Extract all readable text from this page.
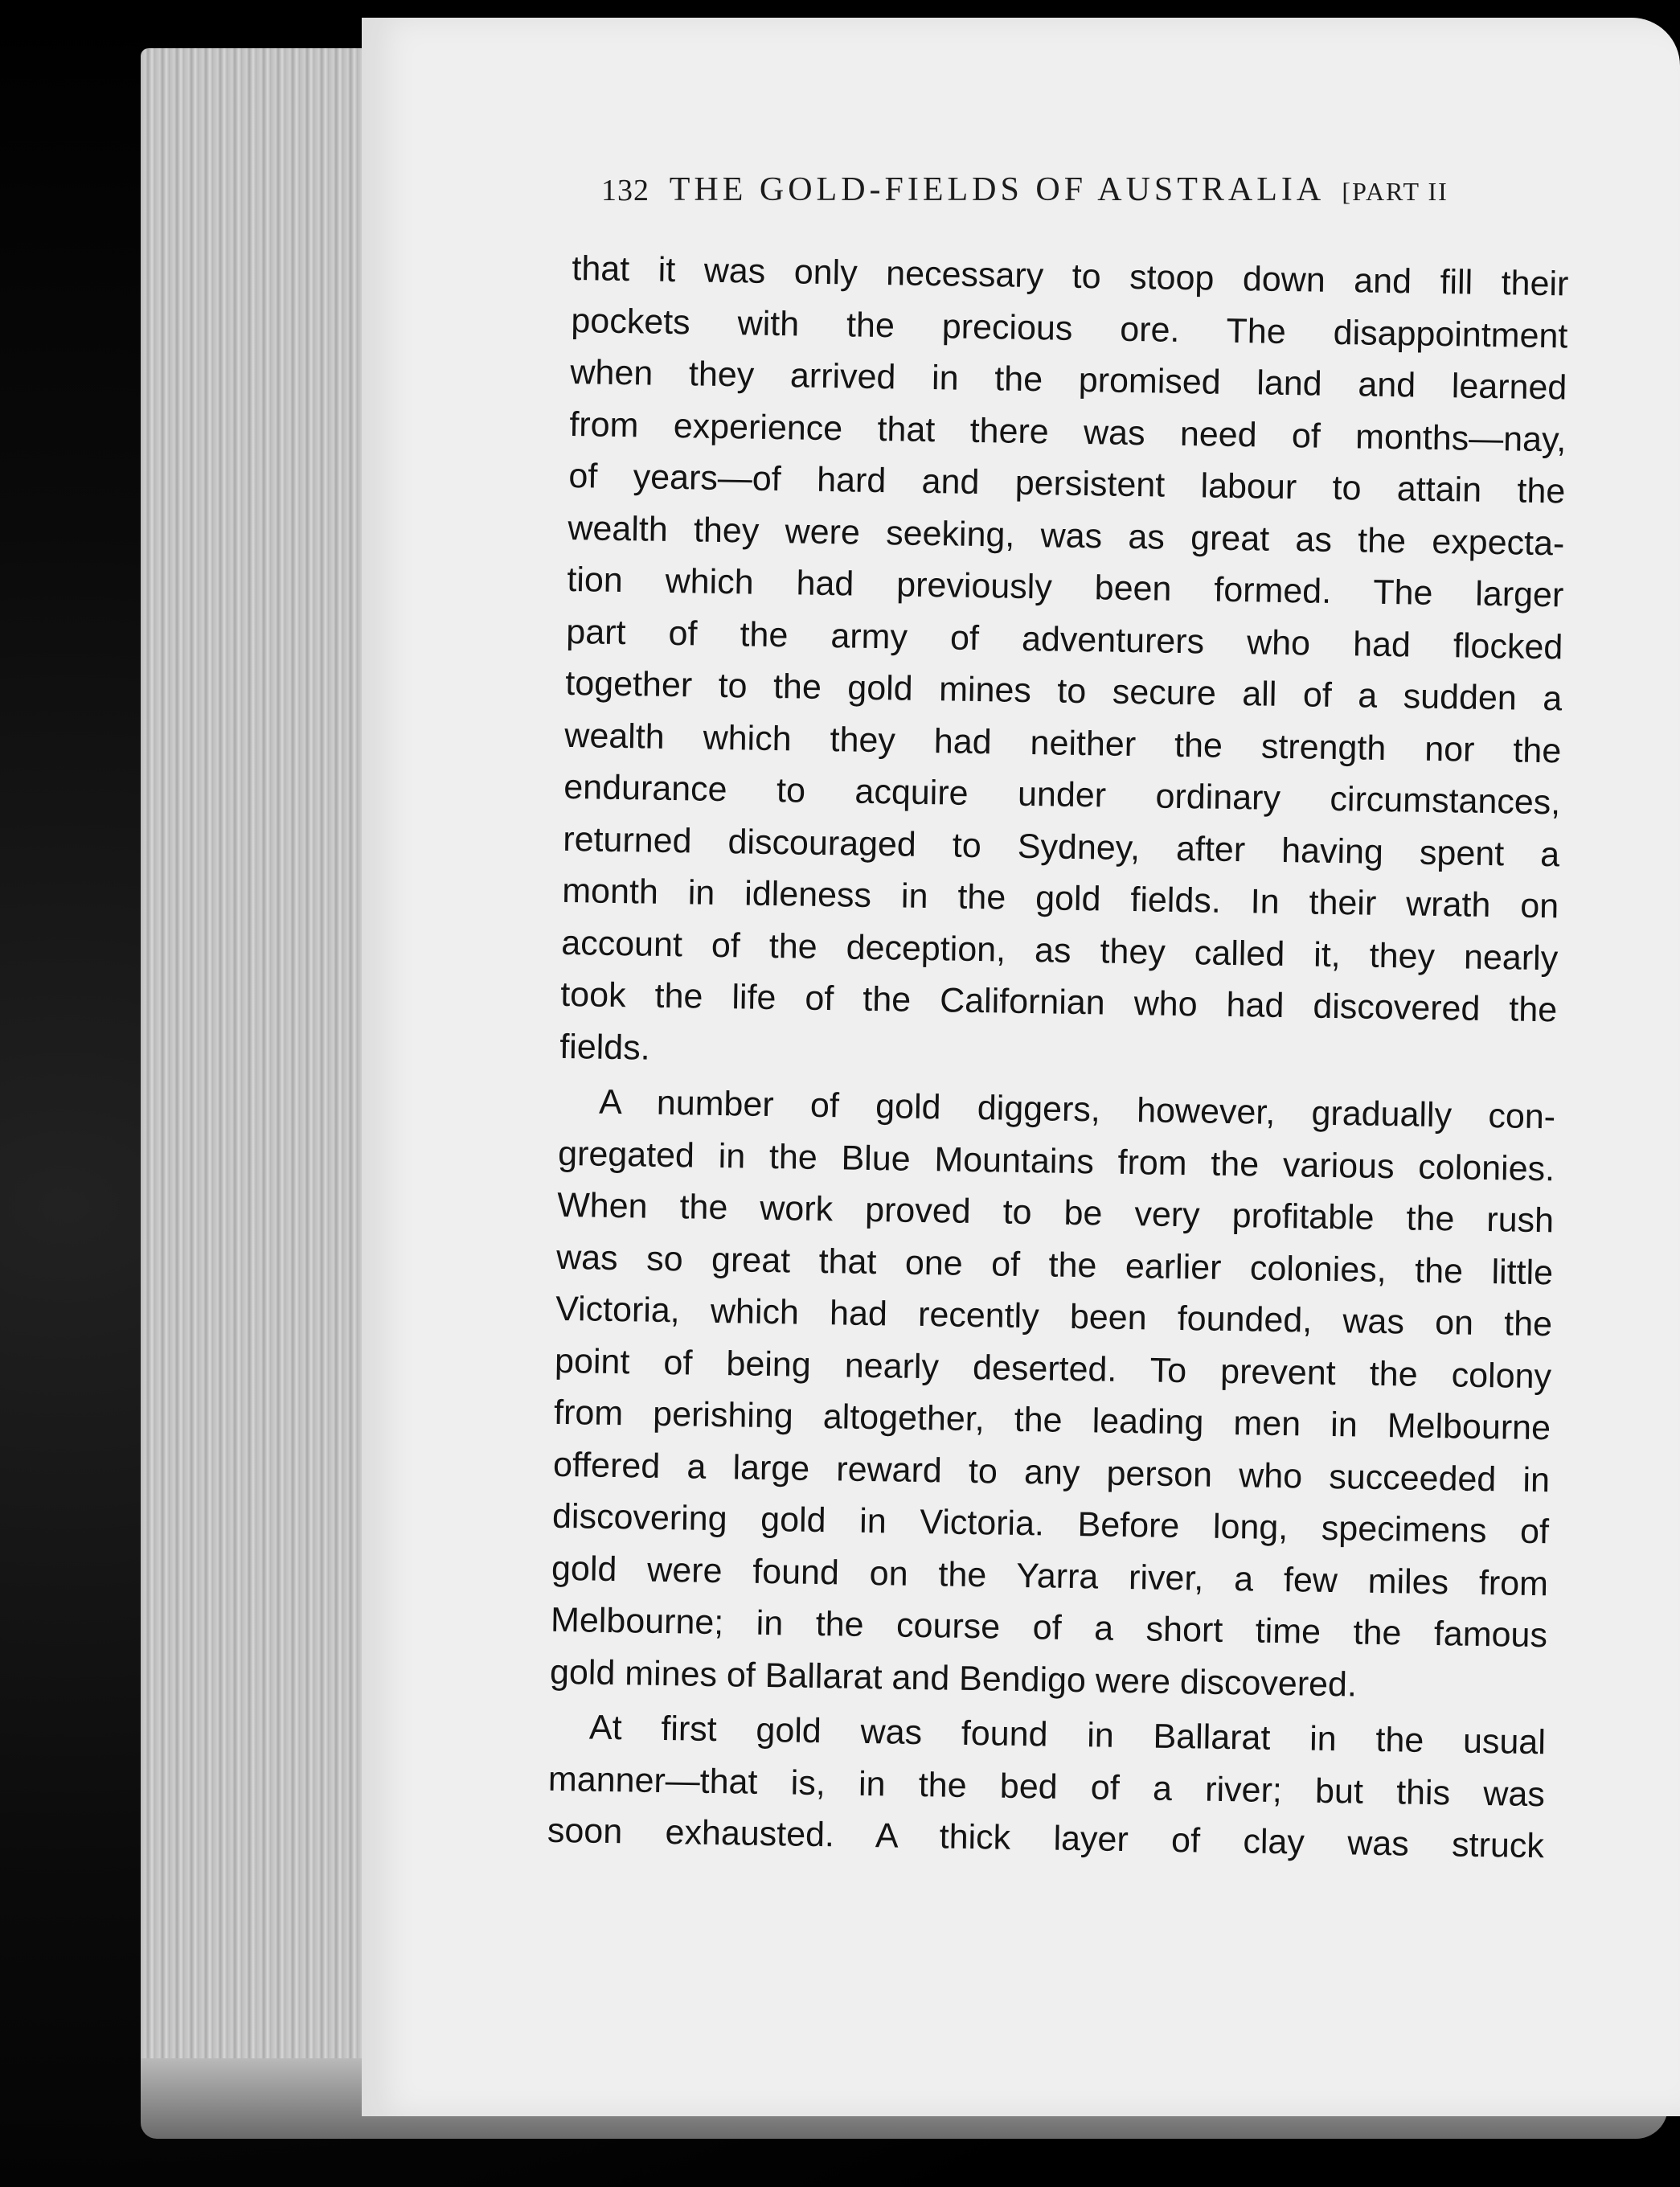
132 THE GOLD-FIELDS OF AUSTRALIA [PART II
that it was only necessary to stoop down and fill their
pockets with the precious ore. The disappointment
when they arrived in the promised land and learned
from experience that there was need of months—nay,
of years—of hard and persistent labour to attain the
wealth they were seeking, was as great as the expecta-
tion which had previously been formed. The larger
part of the army of adventurers who had flocked
together to the gold mines to secure all of a sudden a
wealth which they had neither the strength nor the
endurance to acquire under ordinary circumstances,
returned discouraged to Sydney, after having spent a
month in idleness in the gold fields. In their wrath on
account of the deception, as they called it, they nearly
took the life of the Californian who had discovered the
fields.
A number of gold diggers, however, gradually con-
gregated in the Blue Mountains from the various colonies.
When the work proved to be very profitable the rush
was so great that one of the earlier colonies, the little
Victoria, which had recently been founded, was on the
point of being nearly deserted. To prevent the colony
from perishing altogether, the leading men in Melbourne
offered a large reward to any person who succeeded in
discovering gold in Victoria. Before long, specimens of
gold were found on the Yarra river, a few miles from
Melbourne; in the course of a short time the famous
gold mines of Ballarat and Bendigo were discovered.
At first gold was found in Ballarat in the usual
manner—that is, in the bed of a river; but this was
soon exhausted. A thick layer of clay was struck
